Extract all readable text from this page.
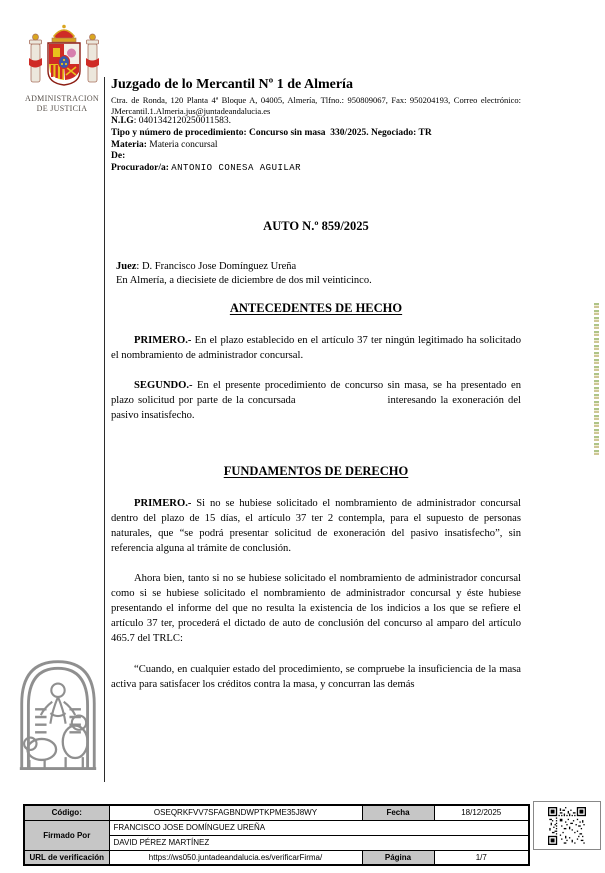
ADMINISTRACION
DE JUSTICIA
Juzgado de lo Mercantil Nº 1 de Almería
Ctra. de Ronda, 120 Planta 4ª Bloque A, 04005, Almería, Tlfno.: 950809067, Fax: 950204193, Correo electrónico: JMercantil.1.Almeria.jus@juntadeandalucia.es
N.I.G: 0401342120250011583.
Tipo y número de procedimiento: Concurso sin masa  330/2025. Negociado: TR
Materia: Materia concursal
De:
Procurador/a: ANTONIO CONESA AGUILAR
AUTO N.º 859/2025
Juez: D. Francisco Jose Domínguez Ureña
En Almería, a diecisiete de diciembre de dos mil veinticinco.
ANTECEDENTES DE HECHO

PRIMERO.- En el plazo establecido en el artículo 37 ter ningún legitimado ha solicitado el nombramiento de administrador concursal.

SEGUNDO.- En el presente procedimiento de concurso sin masa, se ha presentado en plazo solicitud por parte de la concursada	interesando la exoneración del pasivo insatisfecho.

FUNDAMENTOS DE DERECHO

PRIMERO.- Si no se hubiese solicitado el nombramiento de administrador concursal dentro del plazo de 15 días, el artículo 37 ter 2 contempla, para el supuesto de personas naturales, que “se podrá presentar solicitud de exoneración del pasivo insatisfecho”, sin referencia alguna al trámite de conclusión.

Ahora bien, tanto si no se hubiese solicitado el nombramiento de administrador concursal como si se hubiese solicitado el nombramiento de administrador concursal y éste hubiese presentando el informe del que no resulta la existencia de los indicios a los que se refiere el artículo 37 ter, procederá el dictado de auto de conclusión del concurso al amparo del artículo 465.7 del TRLC:

“Cuando, en cualquier estado del procedimiento, se compruebe la insuficiencia de la masa activa para satisfacer los créditos contra la masa, y concurran las demás

Código:	OSEQRKFVV7SFAGBNDWPTKPME35J8WY	Fecha	18/12/2025
Firmado Por	FRANCISCO JOSE DOMÍNGUEZ UREÑA		
	DAVID PÉREZ MARTÍNEZ		
URL de verificación	https://ws050.juntadeandalucia.es/verificarFirma/	Página	1/7
